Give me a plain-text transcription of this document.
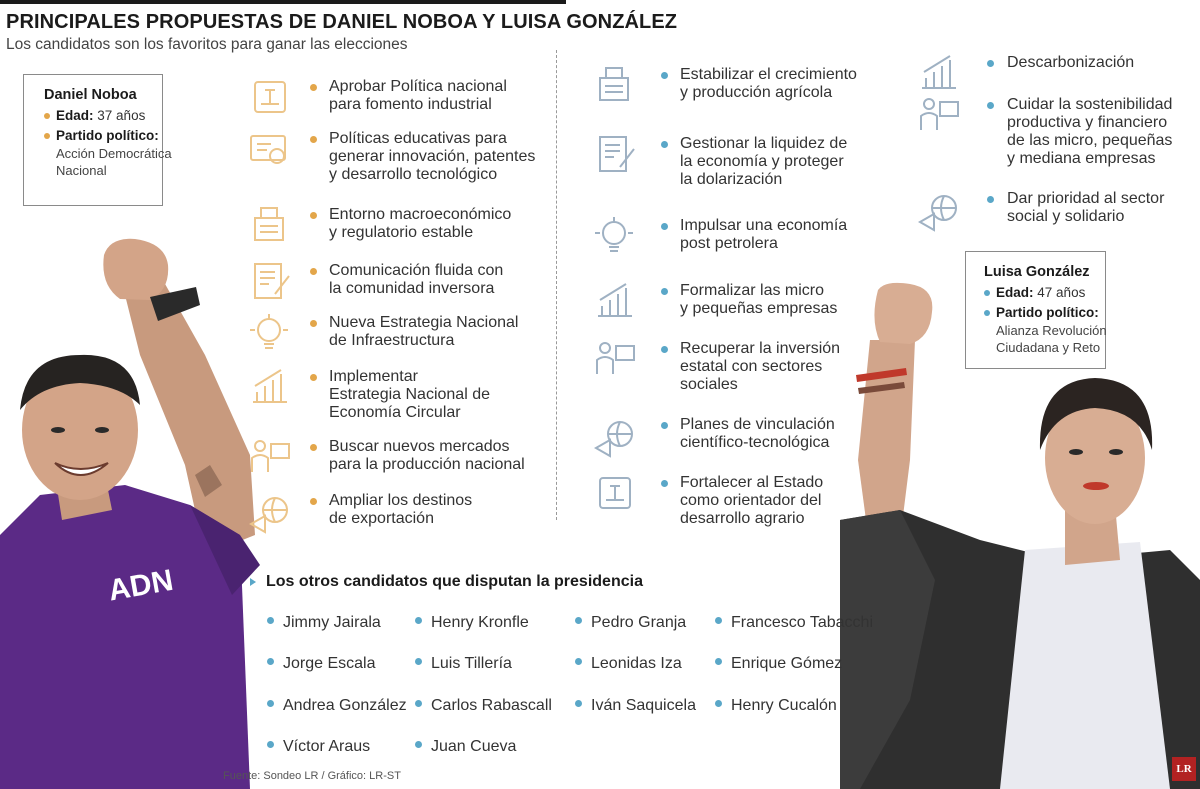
PRINCIPALES PROPUESTAS DE DANIEL NOBOA Y LUISA GONZÁLEZ
Los candidatos son los favoritos para ganar las elecciones
ADN
Daniel Noboa
Edad: 37 años
Partido político:
Acción Democrática
Nacional
Luisa González
Edad: 47 años
Partido político:
Alianza Revolución
Ciudadana y Reto
Aprobar Política nacional
para fomento industrial
Políticas educativas para
generar innovación, patentes
y desarrollo tecnológico
Entorno macroeconómico
y regulatorio estable
Comunicación fluida con
la comunidad inversora
Nueva Estrategia Nacional
de Infraestructura
Implementar
Estrategia Nacional de
Economía Circular
Buscar nuevos mercados
para la producción nacional
Ampliar los destinos
de exportación
Estabilizar el crecimiento
y producción agrícola
Gestionar la liquidez de
la economía y proteger
la dolarización
Impulsar una economía
post petrolera
Formalizar las micro
y pequeñas empresas
Recuperar la inversión
estatal con sectores
sociales
Planes de vinculación
científico-tecnológica
Fortalecer al Estado
como orientador del
desarrollo agrario
Descarbonización
Cuidar la sostenibilidad
productiva y financiero
de las micro, pequeñas
y mediana empresas
Dar prioridad al sector
social y solidario
Los otros candidatos que disputan la presidencia
Jimmy Jairala	Henry Kronfle	Pedro Granja	Francesco Tabacchi
Jorge Escala	Luis Tillería	Leonidas Iza	Enrique Gómez
Andrea González	Carlos Rabascall	Iván Saquicela	Henry Cucalón
Víctor Araus	Juan Cueva
Fuente: Sondeo LR / Gráfico: LR-ST
LR
